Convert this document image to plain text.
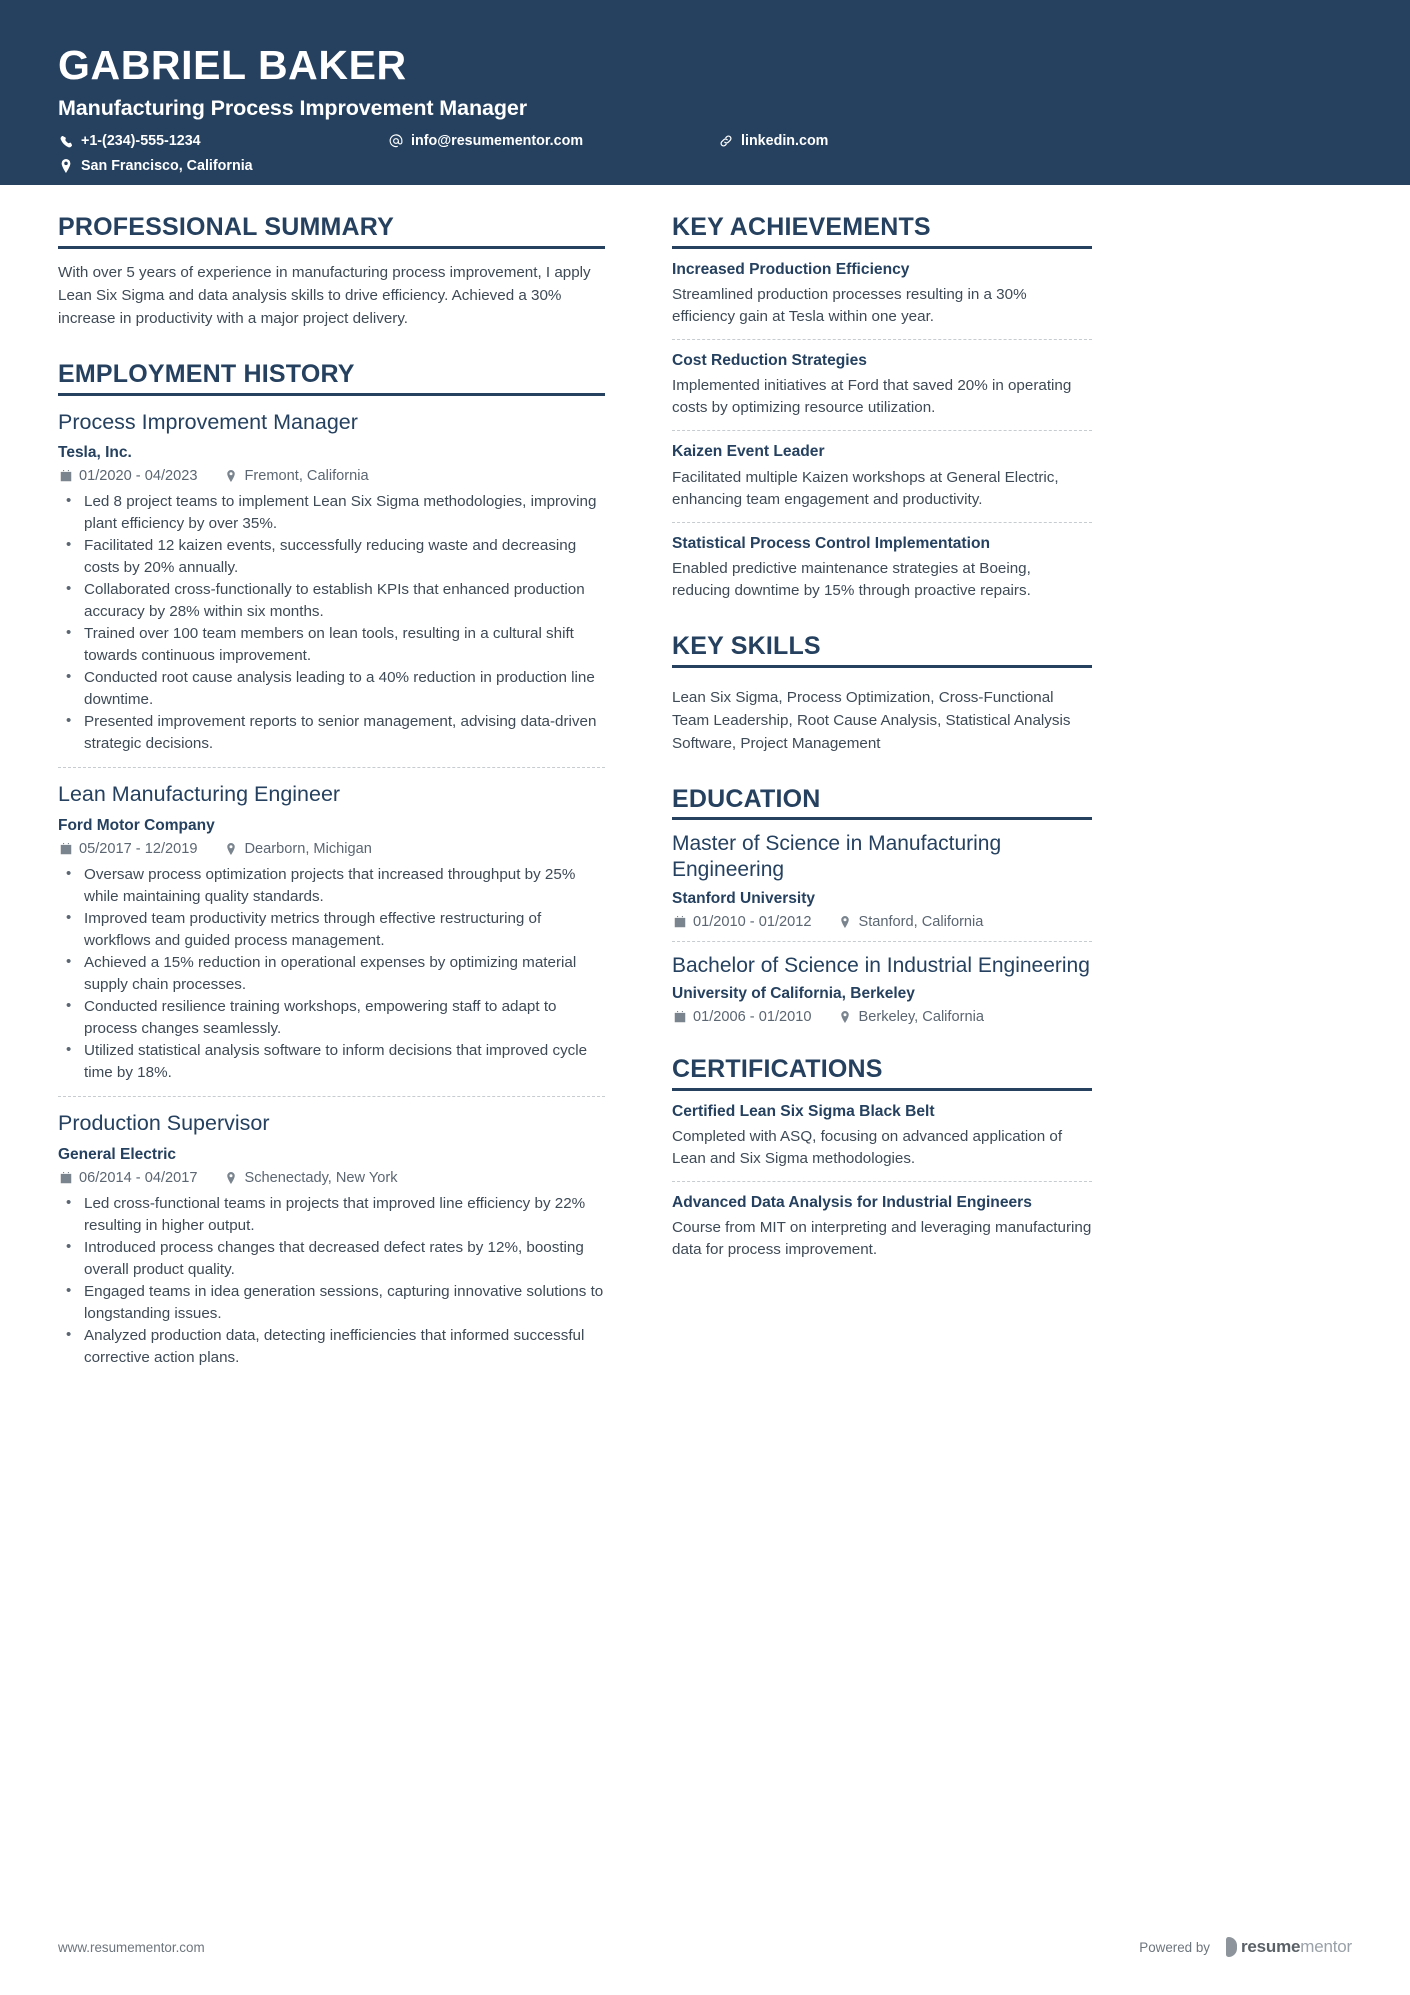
GABRIEL BAKER
Manufacturing Process Improvement Manager
+1-(234)-555-1234	info@resumementor.com	linkedin.com
San Francisco, California
PROFESSIONAL SUMMARY
With over 5 years of experience in manufacturing process improvement, I apply Lean Six Sigma and data analysis skills to drive efficiency. Achieved a 30% increase in productivity with a major project delivery.
EMPLOYMENT HISTORY
Process Improvement Manager
Tesla, Inc.
01/2020 - 04/2023	Fremont, California
• Led 8 project teams to implement Lean Six Sigma methodologies, improving plant efficiency by over 35%.
• Facilitated 12 kaizen events, successfully reducing waste and decreasing costs by 20% annually.
• Collaborated cross-functionally to establish KPIs that enhanced production accuracy by 28% within six months.
• Trained over 100 team members on lean tools, resulting in a cultural shift towards continuous improvement.
• Conducted root cause analysis leading to a 40% reduction in production line downtime.
• Presented improvement reports to senior management, advising data-driven strategic decisions.
Lean Manufacturing Engineer
Ford Motor Company
05/2017 - 12/2019	Dearborn, Michigan
• Oversaw process optimization projects that increased throughput by 25% while maintaining quality standards.
• Improved team productivity metrics through effective restructuring of workflows and guided process management.
• Achieved a 15% reduction in operational expenses by optimizing material supply chain processes.
• Conducted resilience training workshops, empowering staff to adapt to process changes seamlessly.
• Utilized statistical analysis software to inform decisions that improved cycle time by 18%.
Production Supervisor
General Electric
06/2014 - 04/2017	Schenectady, New York
• Led cross-functional teams in projects that improved line efficiency by 22% resulting in higher output.
• Introduced process changes that decreased defect rates by 12%, boosting overall product quality.
• Engaged teams in idea generation sessions, capturing innovative solutions to longstanding issues.
• Analyzed production data, detecting inefficiencies that informed successful corrective action plans.
KEY ACHIEVEMENTS
Increased Production Efficiency
Streamlined production processes resulting in a 30% efficiency gain at Tesla within one year.
Cost Reduction Strategies
Implemented initiatives at Ford that saved 20% in operating costs by optimizing resource utilization.
Kaizen Event Leader
Facilitated multiple Kaizen workshops at General Electric, enhancing team engagement and productivity.
Statistical Process Control Implementation
Enabled predictive maintenance strategies at Boeing, reducing downtime by 15% through proactive repairs.
KEY SKILLS
Lean Six Sigma, Process Optimization, Cross-Functional Team Leadership, Root Cause Analysis, Statistical Analysis Software, Project Management
EDUCATION
Master of Science in Manufacturing Engineering
Stanford University
01/2010 - 01/2012	Stanford, California
Bachelor of Science in Industrial Engineering
University of California, Berkeley
01/2006 - 01/2010	Berkeley, California
CERTIFICATIONS
Certified Lean Six Sigma Black Belt
Completed with ASQ, focusing on advanced application of Lean and Six Sigma methodologies.
Advanced Data Analysis for Industrial Engineers
Course from MIT on interpreting and leveraging manufacturing data for process improvement.
www.resumementor.com	Powered by resume mentor
